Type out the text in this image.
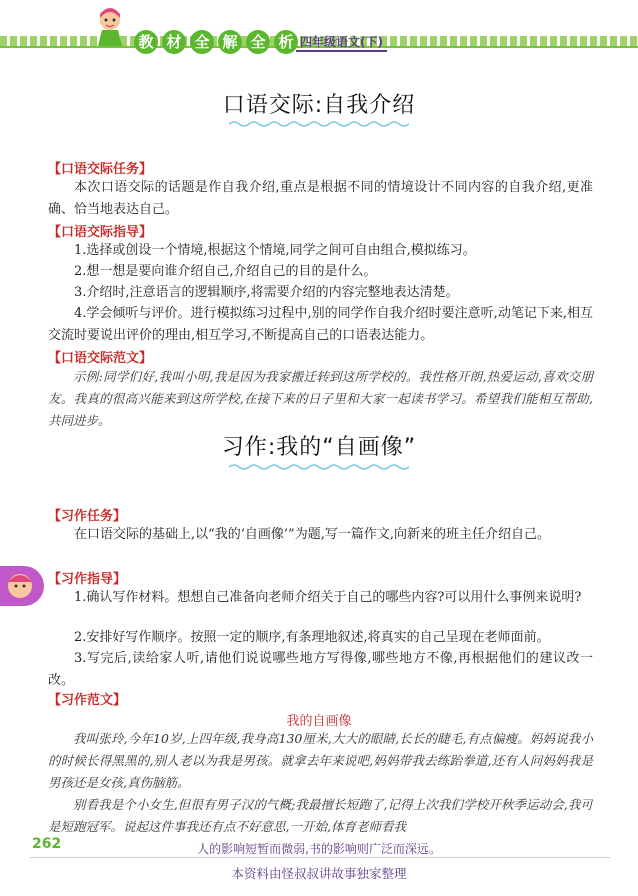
教 材 全 解 全 析 四年级语文(下)
口语交际:自我介绍
【口语交际任务】
本次口语交际的话题是作自我介绍,重点是根据不同的情境设计不同内容的自我介绍,更准确、恰当地表达自己。
【口语交际指导】
1.选择或创设一个情境,根据这个情境,同学之间可自由组合,模拟练习。
2.想一想是要向谁介绍自己,介绍自己的目的是什么。
3.介绍时,注意语言的逻辑顺序,将需要介绍的内容完整地表达清楚。
4.学会倾听与评价。进行模拟练习过程中,别的同学作自我介绍时要注意听,动笔记下来,相互交流时要说出评价的理由,相互学习,不断提高自己的口语表达能力。
【口语交际范文】
示例:同学们好,我叫小明,我是因为我家搬迁转到这所学校的。我性格开朗,热爱运动,喜欢交朋友。我真的很高兴能来到这所学校,在接下来的日子里和大家一起读书学习。希望我们能相互帮助,共同进步。
习作:我的“自画像”
【习作任务】
在口语交际的基础上,以“我的‘自画像’”为题,写一篇作文,向新来的班主任介绍自己。
【习作指导】
1.确认写作材料。想想自己准备向老师介绍关于自己的哪些内容?可以用什么事例来说明?
2.安排好写作顺序。按照一定的顺序,有条理地叙述,将真实的自己呈现在老师面前。
3.写完后,读给家人听,请他们说说哪些地方写得像,哪些地方不像,再根据他们的建议改一改。
【习作范文】
我的自画像
我叫张玲,今年10岁,上四年级,我身高130厘米,大大的眼睛,长长的睫毛,有点偏瘦。妈妈说我小的时候长得黑黑的,别人老以为我是男孩。就拿去年来说吧,妈妈带我去练跆拳道,还有人问妈妈我是男孩还是女孩,真伤脑筋。
别看我是个小女生,但很有男子汉的气概;我最擅长短跑了,记得上次我们学校开秋季运动会,我可是短跑冠军。说起这件事我还有点不好意思,一开始,体育老师看我
262	人的影响短暂而微弱,书的影响则广泛而深远。
本资料由怪叔叔讲故事独家整理
